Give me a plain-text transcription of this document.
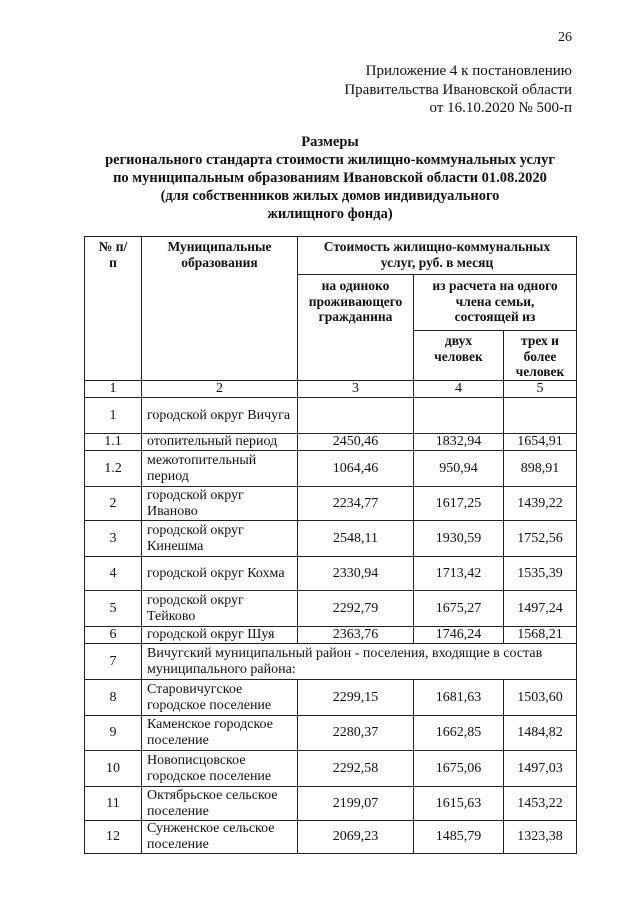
26
Приложение 4 к постановлению
Правительства Ивановской области
от 16.10.2020 № 500-п
Размеры
регионального стандарта стоимости жилищно-коммунальных услуг
по муниципальным образованиям Ивановской области 01.08.2020
(для собственников жилых домов индивидуального
жилищного фонда)
№ п/п	Муниципальные образования	Стоимость жилищно-коммунальных услуг, руб. в месяц		
		на одиноко проживающего гражданина	из расчета на одного члена семьи, состоящей из	
			двух человек	трех и более человек
1	2	3	4	5
1	городской округ Вичуга			
1.1	отопительный период	2450,46	1832,94	1654,91
1.2	межотопительный период	1064,46	950,94	898,91
2	городской округ Иваново	2234,77	1617,25	1439,22
3	городской округ Кинешма	2548,11	1930,59	1752,56
4	городской округ Кохма	2330,94	1713,42	1535,39
5	городской округ Тейково	2292,79	1675,27	1497,24
6	городской округ Шуя	2363,76	1746,24	1568,21
7	Вичугский муниципальный район - поселения, входящие в состав муниципального района:			
8	Старовичугское городское поселение	2299,15	1681,63	1503,60
9	Каменское городское поселение	2280,37	1662,85	1484,82
10	Новописцовское городское поселение	2292,58	1675,06	1497,03
11	Октябрьское сельское поселение	2199,07	1615,63	1453,22
12	Сунженское сельское поселение	2069,23	1485,79	1323,38
